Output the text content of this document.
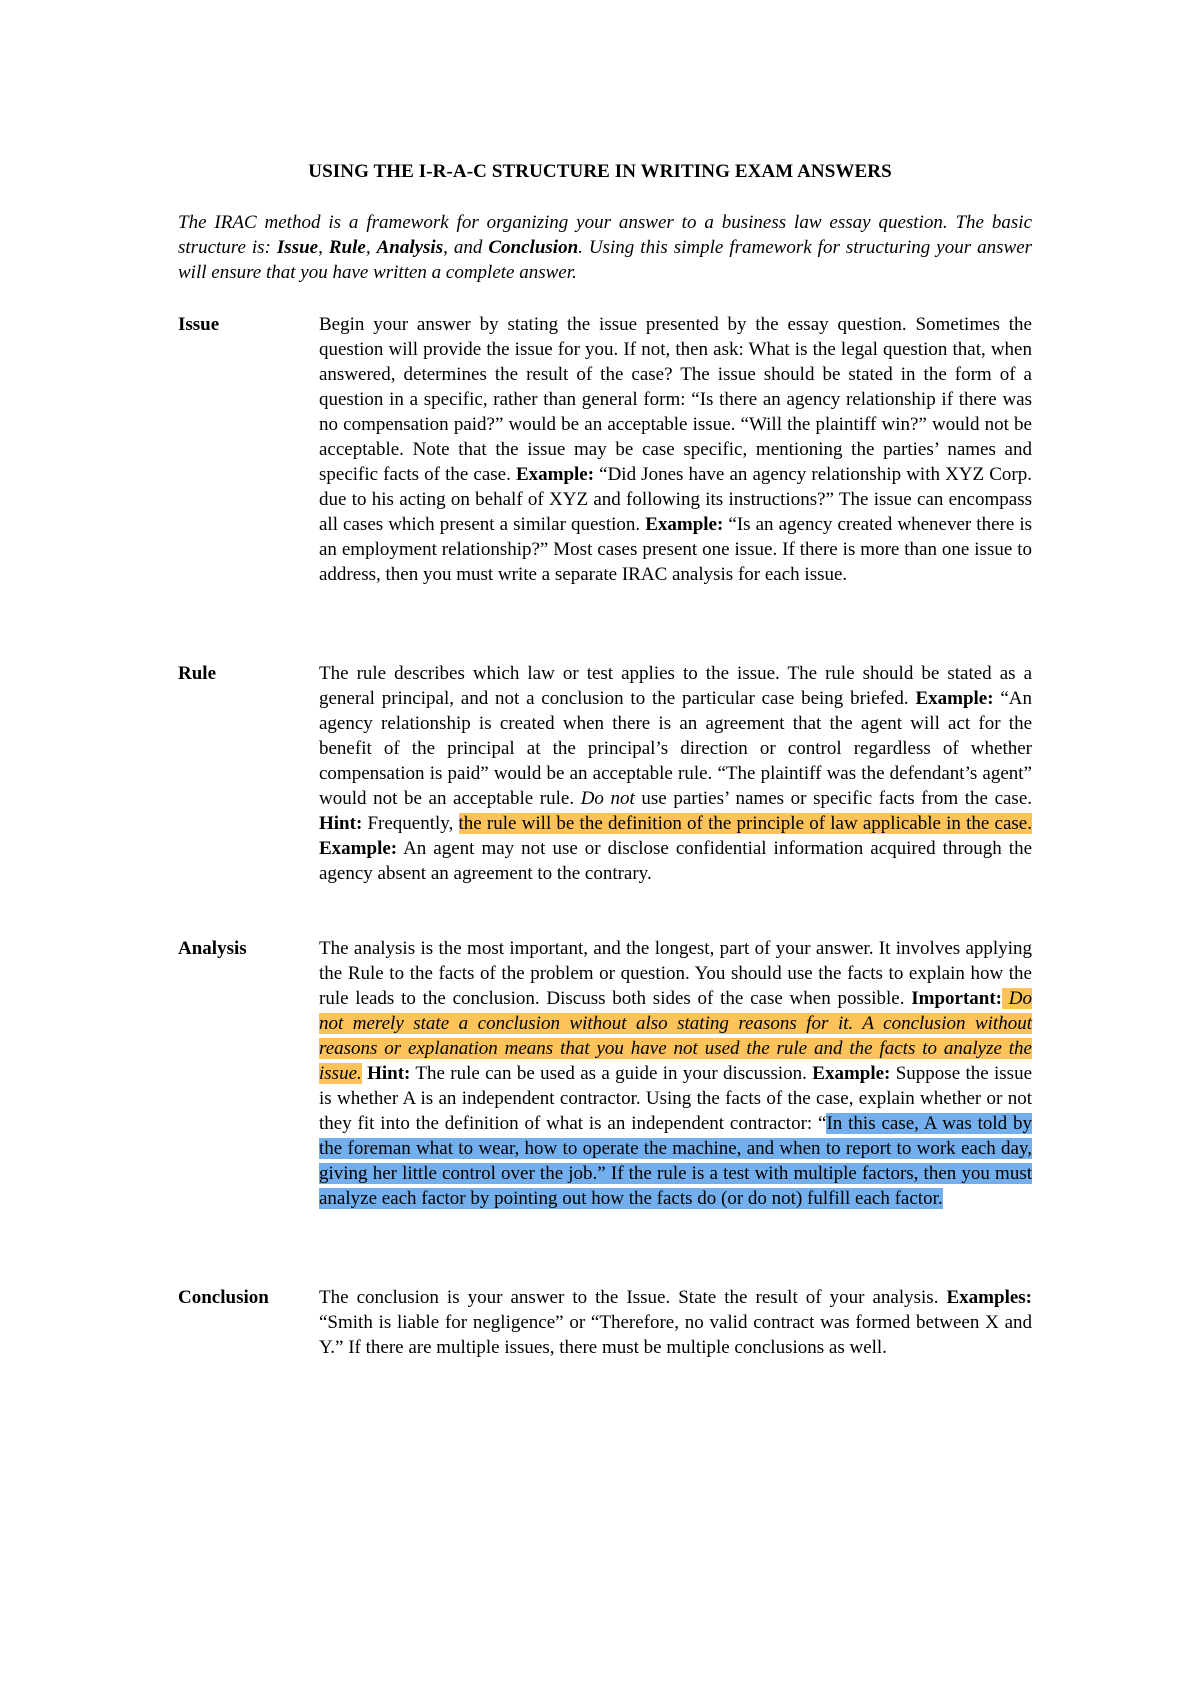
USING THE I-R-A-C STRUCTURE IN WRITING EXAM ANSWERS
The IRAC method is a framework for organizing your answer to a business law essay question. The basic structure is: Issue, Rule, Analysis, and Conclusion. Using this simple framework for structuring your answer will ensure that you have written a complete answer.
Issue	Begin your answer by stating the issue presented by the essay question. Sometimes the question will provide the issue for you. If not, then ask: What is the legal question that, when answered, determines the result of the case? The issue should be stated in the form of a question in a specific, rather than general form: “Is there an agency relationship if there was no compensation paid?” would be an acceptable issue. “Will the plaintiff win?” would not be acceptable. Note that the issue may be case specific, mentioning the parties’ names and specific facts of the case. Example: “Did Jones have an agency relationship with XYZ Corp. due to his acting on behalf of XYZ and following its instructions?” The issue can encompass all cases which present a similar question. Example: “Is an agency created whenever there is an employment relationship?” Most cases present one issue. If there is more than one issue to address, then you must write a separate IRAC analysis for each issue.
Rule	The rule describes which law or test applies to the issue. The rule should be stated as a general principal, and not a conclusion to the particular case being briefed. Example: “An agency relationship is created when there is an agreement that the agent will act for the benefit of the principal at the principal’s direction or control regardless of whether compensation is paid” would be an acceptable rule. “The plaintiff was the defendant’s agent” would not be an acceptable rule. Do not use parties’ names or specific facts from the case. Hint: Frequently, the rule will be the definition of the principle of law applicable in the case. Example: An agent may not use or disclose confidential information acquired through the agency absent an agreement to the contrary.
Analysis	The analysis is the most important, and the longest, part of your answer. It involves applying the Rule to the facts of the problem or question. You should use the facts to explain how the rule leads to the conclusion. Discuss both sides of the case when possible. Important: Do not merely state a conclusion without also stating reasons for it. A conclusion without reasons or explanation means that you have not used the rule and the facts to analyze the issue. Hint: The rule can be used as a guide in your discussion. Example: Suppose the issue is whether A is an independent contractor. Using the facts of the case, explain whether or not they fit into the definition of what is an independent contractor: “In this case, A was told by the foreman what to wear, how to operate the machine, and when to report to work each day, giving her little control over the job.” If the rule is a test with multiple factors, then you must analyze each factor by pointing out how the facts do (or do not) fulfill each factor.
Conclusion	The conclusion is your answer to the Issue. State the result of your analysis. Examples: “Smith is liable for negligence” or “Therefore, no valid contract was formed between X and Y.” If there are multiple issues, there must be multiple conclusions as well.
